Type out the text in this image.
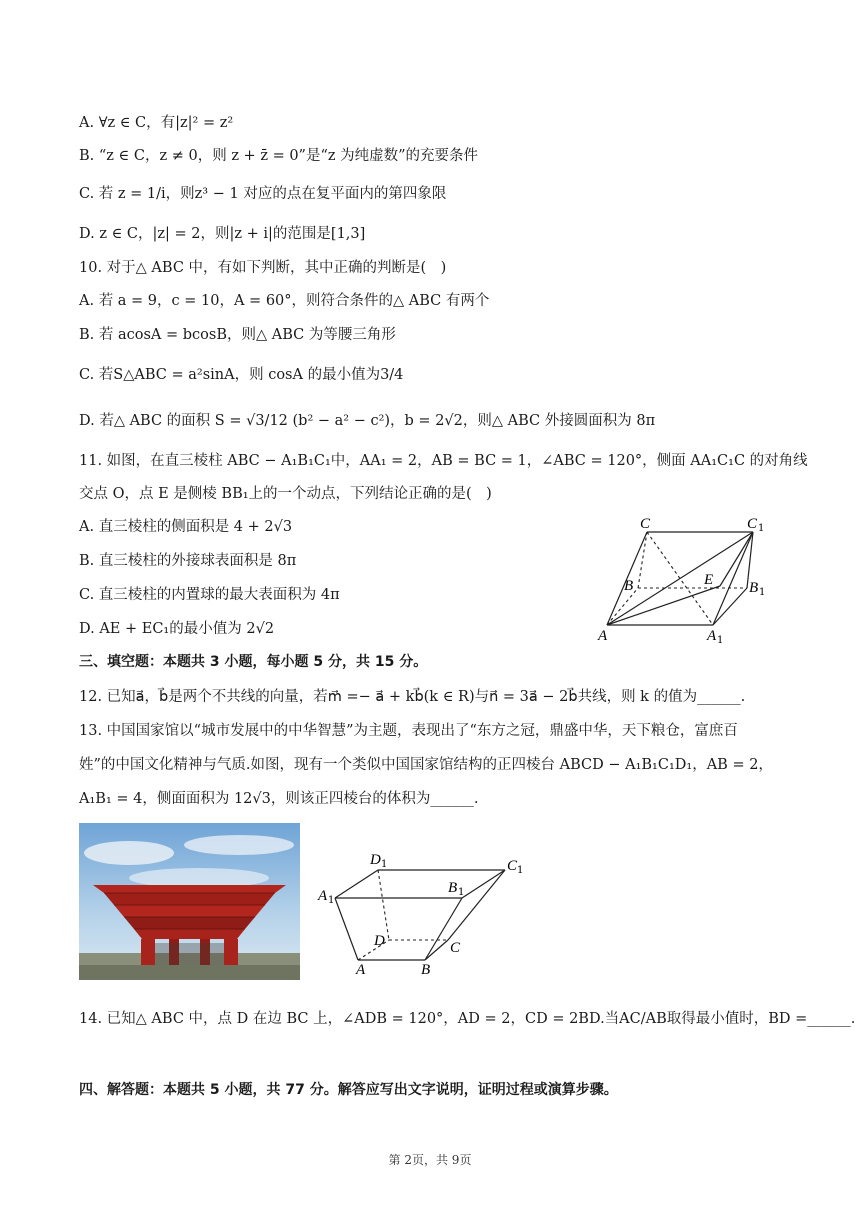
A. ∀z ∈ C，有|z|² = z²
B. “z ∈ C，z ≠ 0，则 z + z̄ = 0”是“z 为纯虚数”的充要条件
C. 若 z = 1/i，则z³ − 1 对应的点在复平面内的第四象限
D. z ∈ C，|z| = 2，则|z + i|的范围是[1,3]
10. 对于△ ABC 中，有如下判断，其中正确的判断是(　)
A. 若 a = 9，c = 10，A = 60°，则符合条件的△ ABC 有两个
B. 若 acosA = bcosB，则△ ABC 为等腰三角形
C. 若S△ABC = a²sinA，则 cosA 的最小值为3/4
D. 若△ ABC 的面积 S = √3/12 (b² − a² − c²)，b = 2√2，则△ ABC 外接圆面积为 8π
11. 如图，在直三棱柱 ABC − A₁B₁C₁中，AA₁ = 2，AB = BC = 1，∠ABC = 120°，侧面 AA₁C₁C 的对角线
交点 O，点 E 是侧棱 BB₁上的一个动点，下列结论正确的是(　)
A. 直三棱柱的侧面积是 4 + 2√3
B. 直三棱柱的外接球表面积是 8π
C. 直三棱柱的内置球的最大表面积为 4π
D. AE + EC₁的最小值为 2√2
12. 已知a⃗，b⃗是两个不共线的向量，若m⃗ =− a⃗ + kb⃗(k ∈ R)与n⃗ = 3a⃗ − 2b⃗共线，则 k 的值为______.
13. 中国国家馆以“城市发展中的中华智慧”为主题，表现出了“东方之冠，鼎盛中华，天下粮仓，富庶百
姓”的中国文化精神与气质.如图，现有一个类似中国国家馆结构的正四棱台 ABCD − A₁B₁C₁D₁，AB = 2，
A₁B₁ = 4，侧面面积为 12√3，则该正四棱台的体积为______.
14. 已知△ ABC 中，点 D 在边 BC 上，∠ADB = 120°，AD = 2，CD = 2BD.当AC/AB取得最小值时，BD =______.
三、填空题：本题共 3 小题，每小题 5 分，共 15 分。
四、解答题：本题共 5 小题，共 77 分。解答应写出文字说明，证明过程或演算步骤。
C	C 1
B	E B 1
A	A 1
D 1	C 1
A 1
B 1
D	C
A	B
第 2页，共 9页
